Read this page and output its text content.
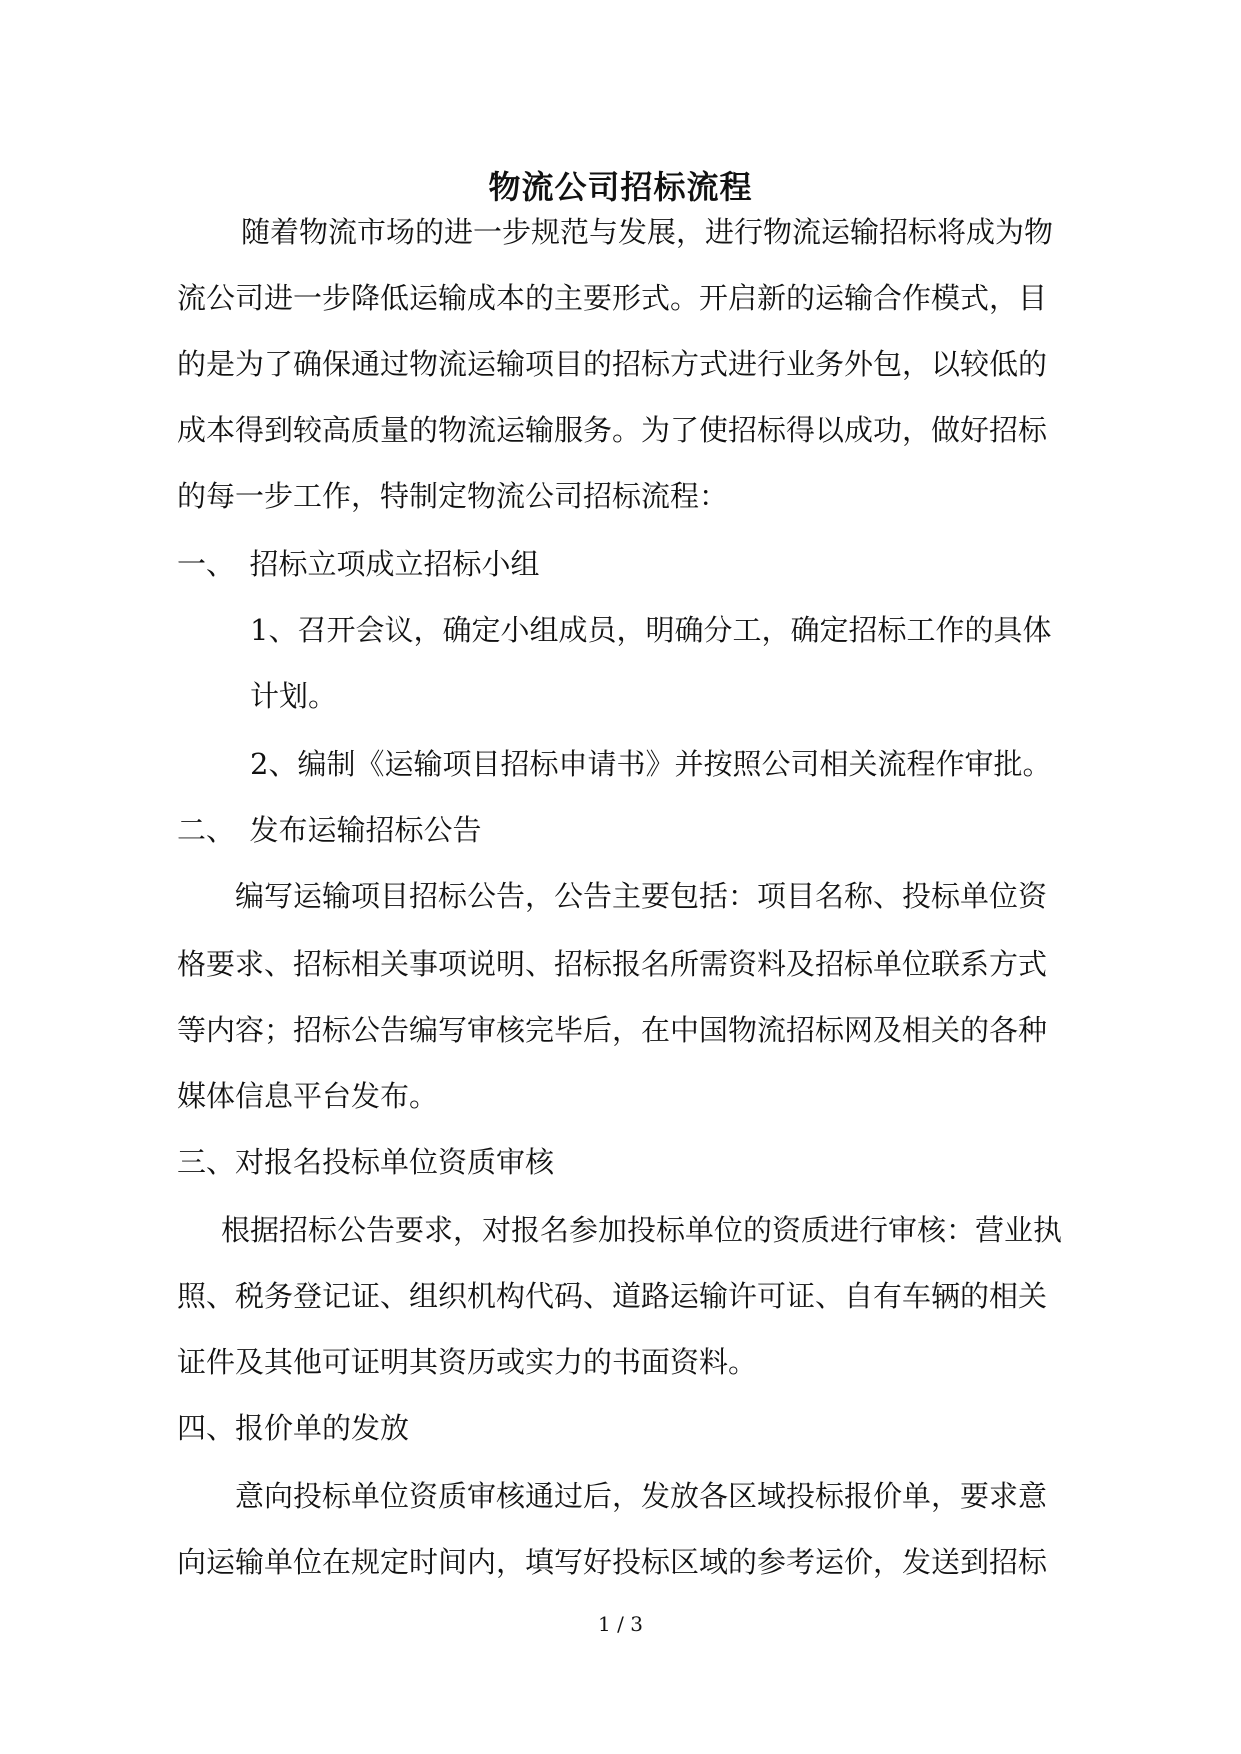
物流公司招标流程
随着物流市场的进一步规范与发展，进行物流运输招标将成为物
流公司进一步降低运输成本的主要形式。开启新的运输合作模式，目
的是为了确保通过物流运输项目的招标方式进行业务外包，以较低的
成本得到较高质量的物流运输服务。为了使招标得以成功，做好招标
的每一步工作，特制定物流公司招标流程：
一、　招标立项成立招标小组
1、召开会议，确定小组成员，明确分工，确定招标工作的具体
计划。
2、编制《运输项目招标申请书》并按照公司相关流程作审批。
二、　发布运输招标公告
编写运输项目招标公告，公告主要包括：项目名称、投标单位资
格要求、招标相关事项说明、招标报名所需资料及招标单位联系方式
等内容；招标公告编写审核完毕后，在中国物流招标网及相关的各种
媒体信息平台发布。
三、对报名投标单位资质审核
根据招标公告要求，对报名参加投标单位的资质进行审核：营业执
照、税务登记证、组织机构代码、道路运输许可证、自有车辆的相关
证件及其他可证明其资历或实力的书面资料。
四、报价单的发放
意向投标单位资质审核通过后，发放各区域投标报价单，要求意
向运输单位在规定时间内，填写好投标区域的参考运价，发送到招标
1 / 3
